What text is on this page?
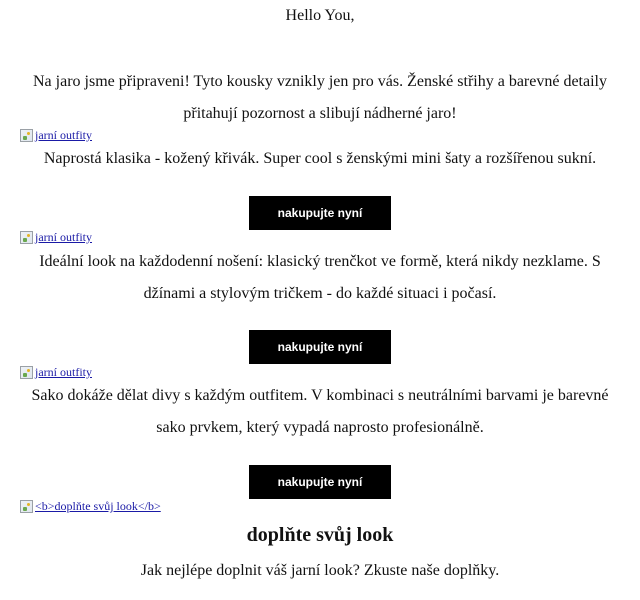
Hello You,
Na jaro jsme připraveni! Tyto kousky vznikly jen pro vás. Ženské střihy a barevné detaily přitahují pozornost a slibují nádherné jaro!
jarní outfity
Naprostá klasika - kožený křivák. Super cool s ženskými mini šaty a rozšířenou sukní.
nakupujte nyní
jarní outfity
Ideální look na každodenní nošení: klasický trenčkot ve formě, která nikdy nezklame. S džínami a stylovým tričkem - do každé situaci i počasí.
nakupujte nyní
jarní outfity
Sako dokáže dělat divy s každým outfitem. V kombinaci s neutrálními barvami je barevné sako prvkem, který vypadá naprosto profesionálně.
nakupujte nyní
<b>doplňte svůj look</b>
doplňte svůj look
Jak nejlépe doplnit váš jarní look? Zkuste naše doplňky.
